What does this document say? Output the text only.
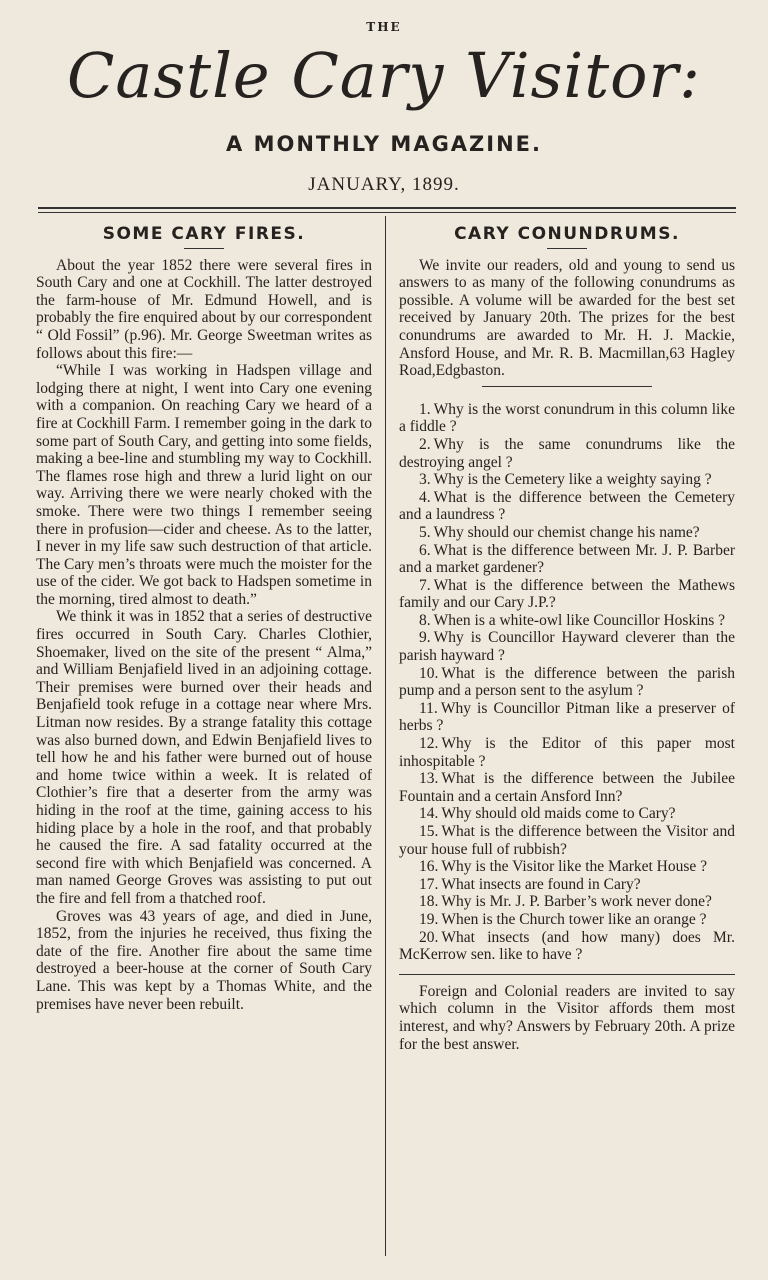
THE
Castle Cary Visitor:
A MONTHLY MAGAZINE.
JANUARY, 1899.
SOME CARY FIRES.

About the year 1852 there were several fires in South Cary and one at Cockhill. The latter destroyed the farm-house of Mr. Edmund Howell, and is probably the fire enquired about by our correspondent “ Old Fossil” (p.96). Mr. George Sweetman writes as follows about this fire:—

“While I was working in Hadspen village and lodging there at night, I went into Cary one evening with a companion. On reaching Cary we heard of a fire at Cockhill Farm. I remember going in the dark to some part of South Cary, and getting into some fields, making a bee-line and stumbling my way to Cockhill. The flames rose high and threw a lurid light on our way. Arriving there we were nearly choked with the smoke. There were two things I remember seeing there in profusion—cider and cheese. As to the latter, I never in my life saw such destruction of that article. The Cary men’s throats were much the moister for the use of the cider. We got back to Hadspen sometime in the morning, tired almost to death.”

We think it was in 1852 that a series of destructive fires occurred in South Cary. Charles Clothier, Shoemaker, lived on the site of the present “ Alma,” and William Benjafield lived in an adjoining cottage. Their premises were burned over their heads and Benjafield took refuge in a cottage near where Mrs. Litman now resides. By a strange fatality this cottage was also burned down, and Edwin Benjafield lives to tell how he and his father were burned out of house and home twice within a week. It is related of Clothier’s fire that a deserter from the army was hiding in the roof at the time, gaining access to his hiding place by a hole in the roof, and that probably he caused the fire. A sad fatality occurred at the second fire with which Benjafield was concerned. A man named George Groves was assisting to put out the fire and fell from a thatched roof.

Groves was 43 years of age, and died in June, 1852, from the injuries he received, thus fixing the date of the fire. Another fire about the same time destroyed a beer-house at the corner of South Cary Lane. This was kept by a Thomas White, and the premises have never been rebuilt.

CARY CONUNDRUMS.

We invite our readers, old and young to send us answers to as many of the following conundrums as possible. A volume will be awarded for the best set received by January 20th. The prizes for the best conundrums are awarded to Mr. H. J. Mackie, Ansford House, and Mr. R. B. Macmillan,63 Hagley Road,Edgbaston.

1. Why is the worst conundrum in this column like a fiddle ?
2. Why is the same conundrums like the destroying angel ?
3. Why is the Cemetery like a weighty saying ?
4. What is the difference between the Cemetery and a laundress ?
5. Why should our chemist change his name?
6. What is the difference between Mr. J. P. Barber and a market gardener?
7. What is the difference between the Mathews family and our Cary J.P.?
8. When is a white-owl like Councillor Hoskins ?
9. Why is Councillor Hayward cleverer than the parish hayward ?
10. What is the difference between the parish pump and a person sent to the asylum ?
11. Why is Councillor Pitman like a preserver of herbs ?
12. Why is the Editor of this paper most inhospitable ?
13. What is the difference between the Jubilee Fountain and a certain Ansford Inn?
14. Why should old maids come to Cary?
15. What is the difference between the Visitor and your house full of rubbish?
16. Why is the Visitor like the Market House ?
17. What insects are found in Cary?
18. Why is Mr. J. P. Barber’s work never done?
19. When is the Church tower like an orange ?
20. What insects (and how many) does Mr. McKerrow sen. like to have ?

Foreign and Colonial readers are invited to say which column in the Visitor affords them most interest, and why? Answers by February 20th. A prize for the best answer.
